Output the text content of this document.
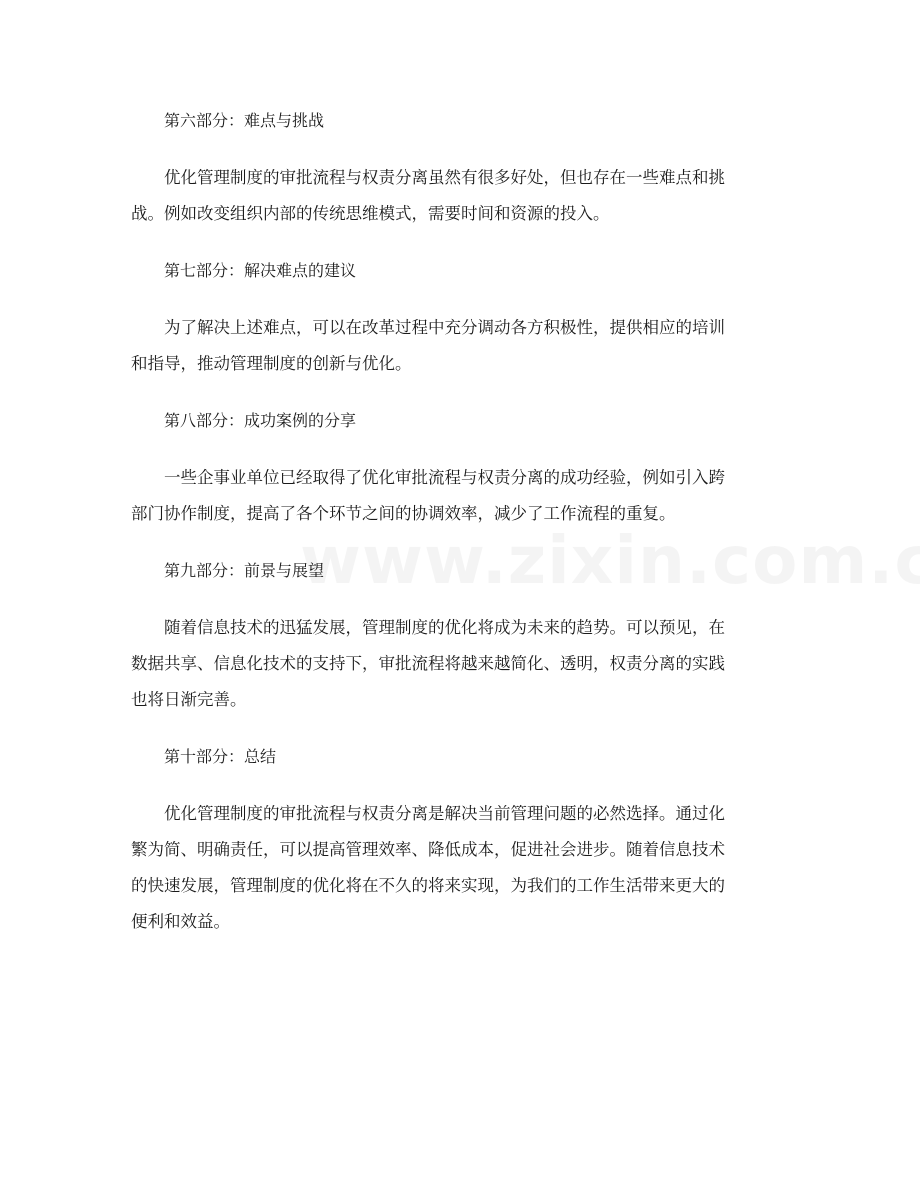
第六部分：难点与挑战
优化管理制度的审批流程与权责分离虽然有很多好处，但也存在一些难点和挑
战。例如改变组织内部的传统思维模式，需要时间和资源的投入。
第七部分：解决难点的建议
为了解决上述难点，可以在改革过程中充分调动各方积极性，提供相应的培训
和指导，推动管理制度的创新与优化。
第八部分：成功案例的分享
一些企事业单位已经取得了优化审批流程与权责分离的成功经验，例如引入跨
部门协作制度，提高了各个环节之间的协调效率，减少了工作流程的重复。
第九部分：前景与展望
随着信息技术的迅猛发展，管理制度的优化将成为未来的趋势。可以预见，在
数据共享、信息化技术的支持下，审批流程将越来越简化、透明，权责分离的实践
也将日渐完善。
第十部分：总结
优化管理制度的审批流程与权责分离是解决当前管理问题的必然选择。通过化
繁为简、明确责任，可以提高管理效率、降低成本，促进社会进步。随着信息技术
的快速发展，管理制度的优化将在不久的将来实现，为我们的工作生活带来更大的
便利和效益。
